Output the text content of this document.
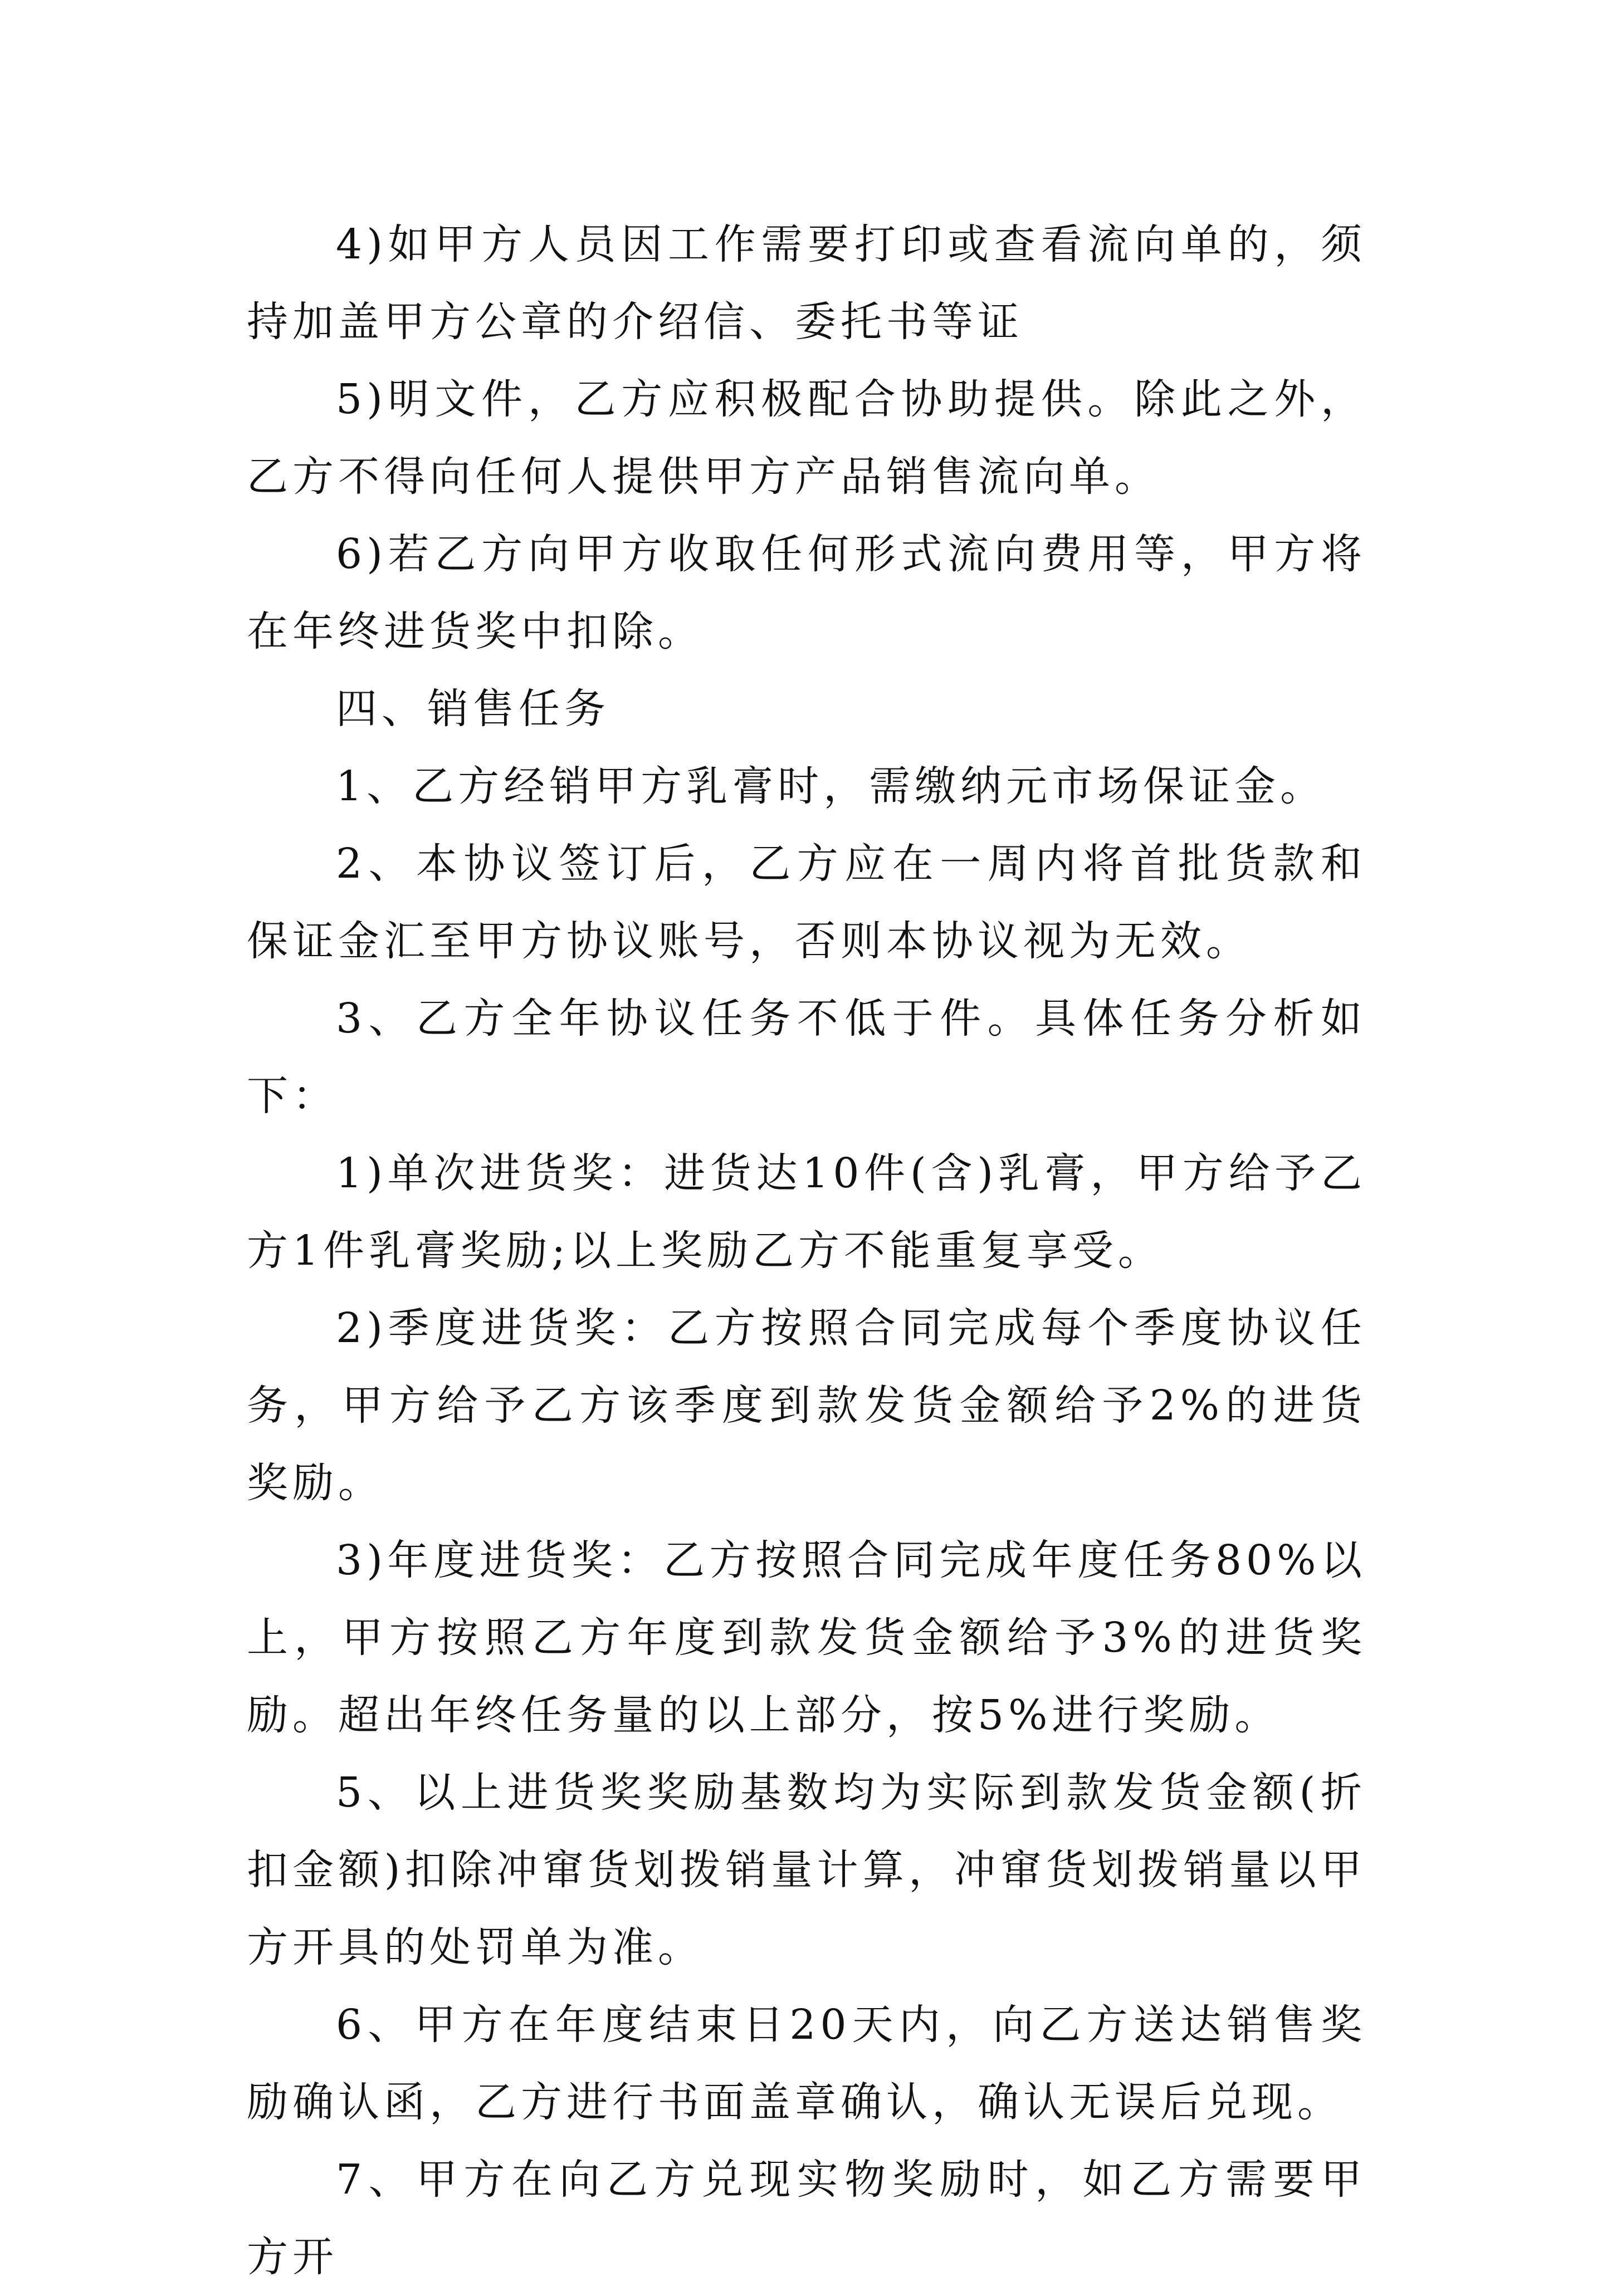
4)如甲方人员因工作需要打印或查看流向单的，须持加盖甲方公章的介绍信、委托书等证

5)明文件，乙方应积极配合协助提供。除此之外，乙方不得向任何人提供甲方产品销售流向单。

6)若乙方向甲方收取任何形式流向费用等，甲方将在年终进货奖中扣除。

四、销售任务

1、乙方经销甲方乳膏时，需缴纳元市场保证金。

2、本协议签订后，乙方应在一周内将首批货款和保证金汇至甲方协议账号，否则本协议视为无效。

3、乙方全年协议任务不低于件。具体任务分析如下：

1)单次进货奖：进货达10件(含)乳膏，甲方给予乙方1件乳膏奖励;以上奖励乙方不能重复享受。

2)季度进货奖：乙方按照合同完成每个季度协议任务，甲方给予乙方该季度到款发货金额给予2%的进货奖励。

3)年度进货奖：乙方按照合同完成年度任务80%以上，甲方按照乙方年度到款发货金额给予3%的进货奖励。超出年终任务量的以上部分，按5%进行奖励。

5、以上进货奖奖励基数均为实际到款发货金额(折扣金额)扣除冲窜货划拨销量计算，冲窜货划拨销量以甲方开具的处罚单为准。

6、甲方在年度结束日20天内，向乙方送达销售奖励确认函，乙方进行书面盖章确认，确认无误后兑现。

7、甲方在向乙方兑现实物奖励时，如乙方需要甲方开
